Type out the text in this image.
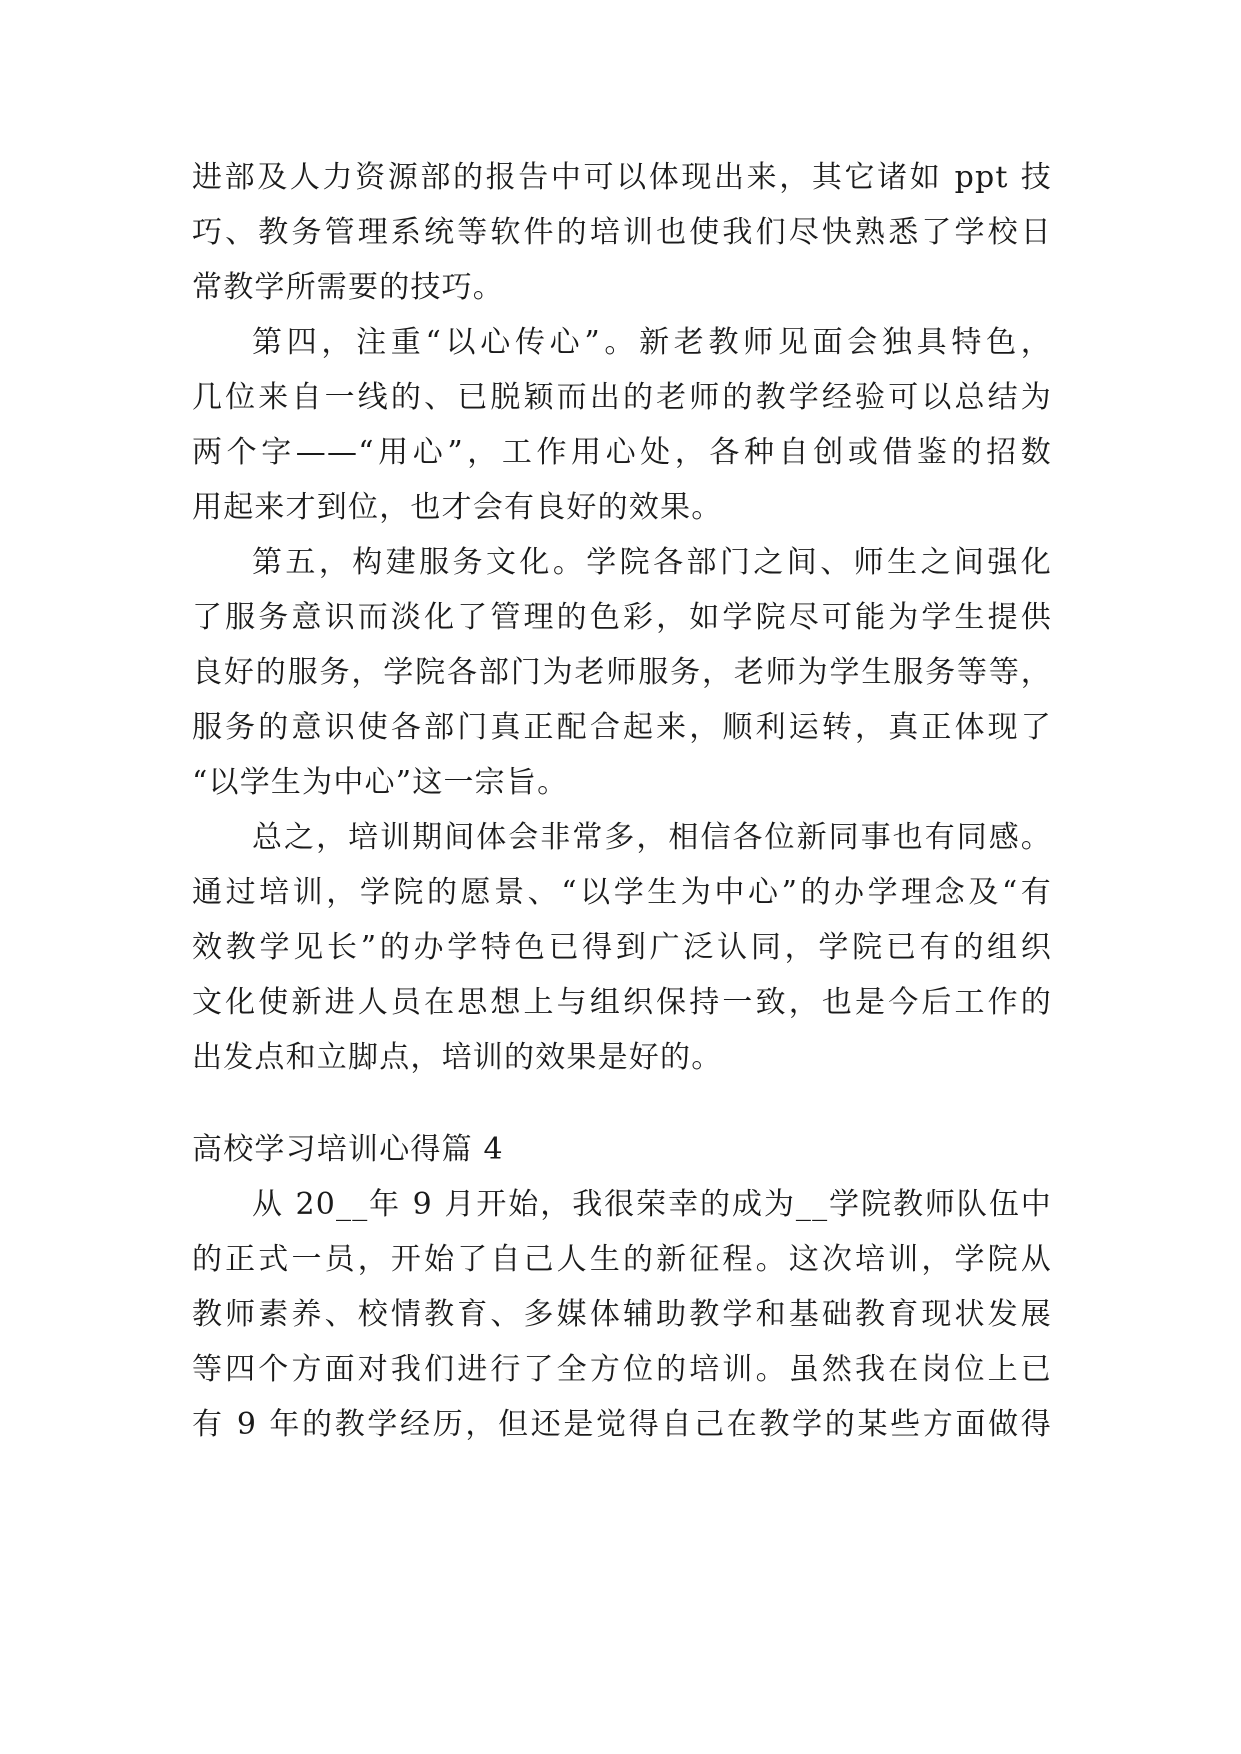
进部及人力资源部的报告中可以体现出来，其它诸如 ppt 技
巧、教务管理系统等软件的培训也使我们尽快熟悉了学校日
常教学所需要的技巧。
第四，注重“以心传心”。新老教师见面会独具特色，
几位来自一线的、已脱颖而出的老师的教学经验可以总结为
两个字——“用心”，工作用心处，各种自创或借鉴的招数
用起来才到位，也才会有良好的效果。
第五，构建服务文化。学院各部门之间、师生之间强化
了服务意识而淡化了管理的色彩，如学院尽可能为学生提供
良好的服务，学院各部门为老师服务，老师为学生服务等等，
服务的意识使各部门真正配合起来，顺利运转，真正体现了
“以学生为中心”这一宗旨。
总之，培训期间体会非常多，相信各位新同事也有同感。
通过培训，学院的愿景、“以学生为中心”的办学理念及“有
效教学见长”的办学特色已得到广泛认同，学院已有的组织
文化使新进人员在思想上与组织保持一致，也是今后工作的
出发点和立脚点，培训的效果是好的。
高校学习培训心得篇 4
从 20__年 9 月开始，我很荣幸的成为__学院教师队伍中
的正式一员，开始了自己人生的新征程。这次培训，学院从
教师素养、校情教育、多媒体辅助教学和基础教育现状发展
等四个方面对我们进行了全方位的培训。虽然我在岗位上已
有 9 年的教学经历，但还是觉得自己在教学的某些方面做得
